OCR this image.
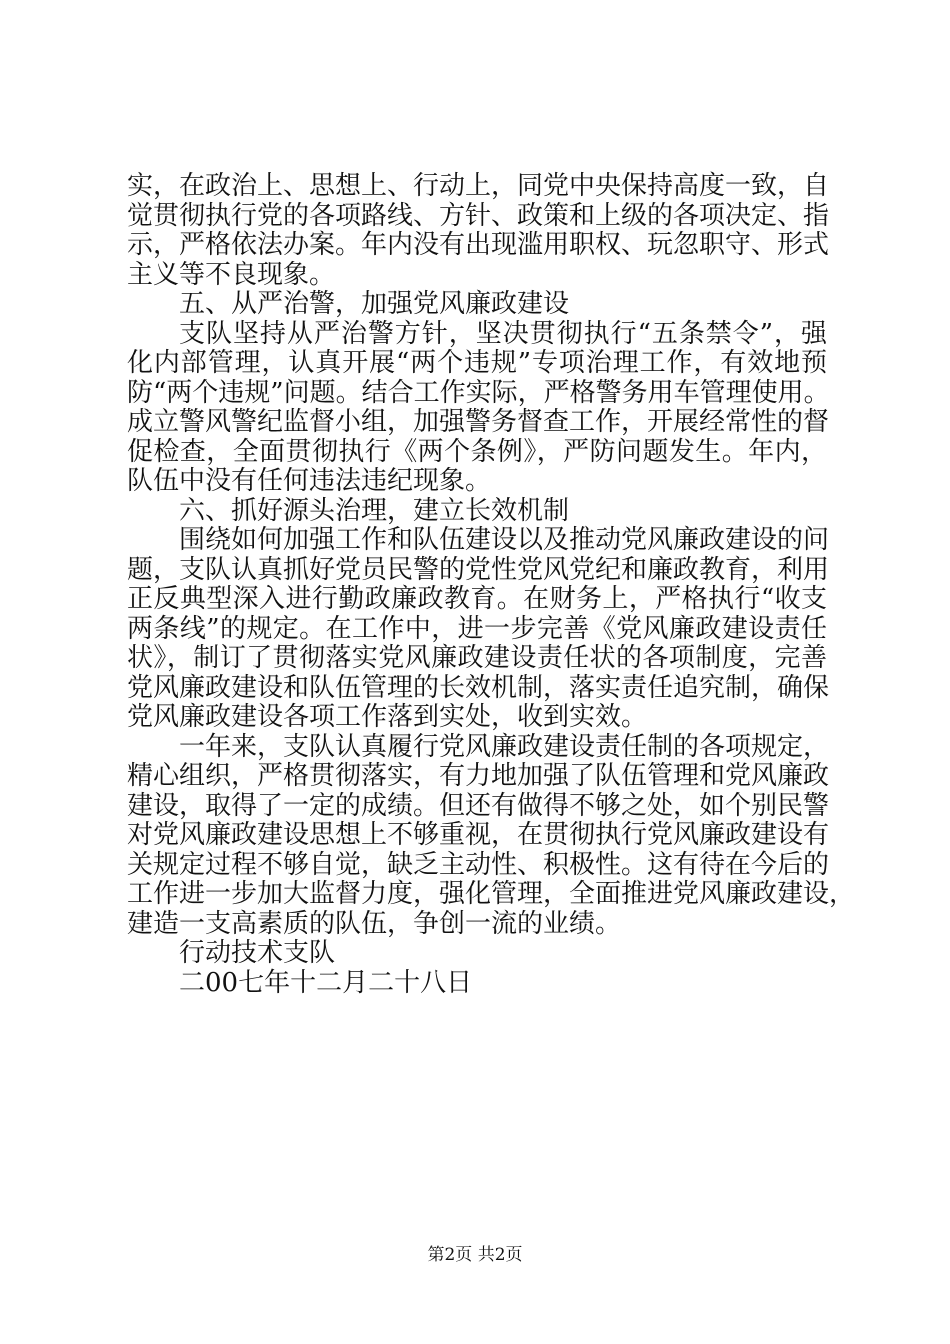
实，在政治上、思想上、行动上，同党中央保持高度一致，自
觉贯彻执行党的各项路线、方针、政策和上级的各项决定、指
示，严格依法办案。年内没有出现滥用职权、玩忽职守、形式
主义等不良现象。
五、从严治警，加强党风廉政建设
支队坚持从严治警方针，坚决贯彻执行“五条禁令”，强
化内部管理，认真开展“两个违规”专项治理工作，有效地预
防“两个违规”问题。结合工作实际，严格警务用车管理使用。
成立警风警纪监督小组，加强警务督查工作，开展经常性的督
促检查，全面贯彻执行《两个条例》，严防问题发生。年内，
队伍中没有任何违法违纪现象。
六、抓好源头治理，建立长效机制
围绕如何加强工作和队伍建设以及推动党风廉政建设的问
题，支队认真抓好党员民警的党性党风党纪和廉政教育，利用
正反典型深入进行勤政廉政教育。在财务上，严格执行“收支
两条线”的规定。在工作中，进一步完善《党风廉政建设责任
状》，制订了贯彻落实党风廉政建设责任状的各项制度，完善
党风廉政建设和队伍管理的长效机制，落实责任追究制，确保
党风廉政建设各项工作落到实处，收到实效。
一年来，支队认真履行党风廉政建设责任制的各项规定，
精心组织，严格贯彻落实，有力地加强了队伍管理和党风廉政
建设，取得了一定的成绩。但还有做得不够之处，如个别民警
对党风廉政建设思想上不够重视，在贯彻执行党风廉政建设有
关规定过程不够自觉，缺乏主动性、积极性。这有待在今后的
工作进一步加大监督力度，强化管理，全面推进党风廉政建设，
建造一支高素质的队伍，争创一流的业绩。
行动技术支队
二00七年十二月二十八日
第2页 共2页
